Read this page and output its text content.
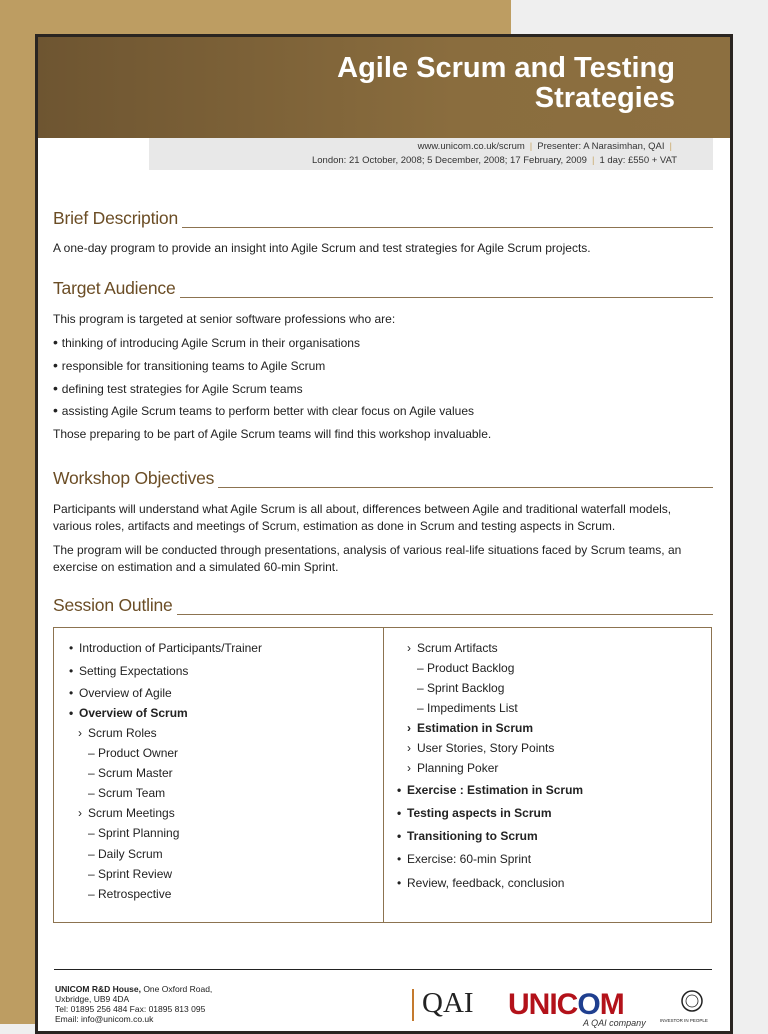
Agile Scrum and Testing
Strategies
www.unicom.co.uk/scrum | Presenter: A Narasimhan, QAI |
London: 21 October, 2008; 5 December, 2008; 17 February, 2009 | 1 day: £550 + VAT
Brief Description
A one-day program to provide an insight into Agile Scrum and test strategies for Agile Scrum projects.
Target Audience
This program is targeted at senior software professions who are:
• thinking of introducing Agile Scrum in their organisations
• responsible for transitioning teams to Agile Scrum
• defining test strategies for Agile Scrum teams
• assisting Agile Scrum teams to perform better with clear focus on Agile values
Those preparing to be part of Agile Scrum teams will find this workshop invaluable.
Workshop Objectives
Participants will understand what Agile Scrum is all about, differences between Agile and traditional waterfall models, various roles, artifacts and meetings of Scrum, estimation as done in Scrum and testing aspects in Scrum.
The program will be conducted through presentations, analysis of various real-life situations faced by Scrum teams, an exercise on estimation and a simulated 60-min Sprint.
Session Outline
• Introduction of Participants/Trainer
• Setting Expectations
• Overview of Agile
• Overview of Scrum
› Scrum Roles
– Product Owner
– Scrum Master
– Scrum Team
› Scrum Meetings
– Sprint Planning
– Daily Scrum
– Sprint Review
– Retrospective
› Scrum Artifacts
– Product Backlog
– Sprint Backlog
– Impediments List
› Estimation in Scrum
› User Stories, Story Points
› Planning Poker
• Exercise : Estimation in Scrum
• Testing aspects in Scrum
• Transitioning to Scrum
• Exercise: 60-min Sprint
• Review, feedback, conclusion
UNICOM R&D House, One Oxford Road,
Uxbridge, UB9 4DA
Tel: 01895 256 484 Fax: 01895 813 095
Email: info@unicom.co.uk	QAI UNICOM
A QAI company	INVESTOR IN PEOPLE
